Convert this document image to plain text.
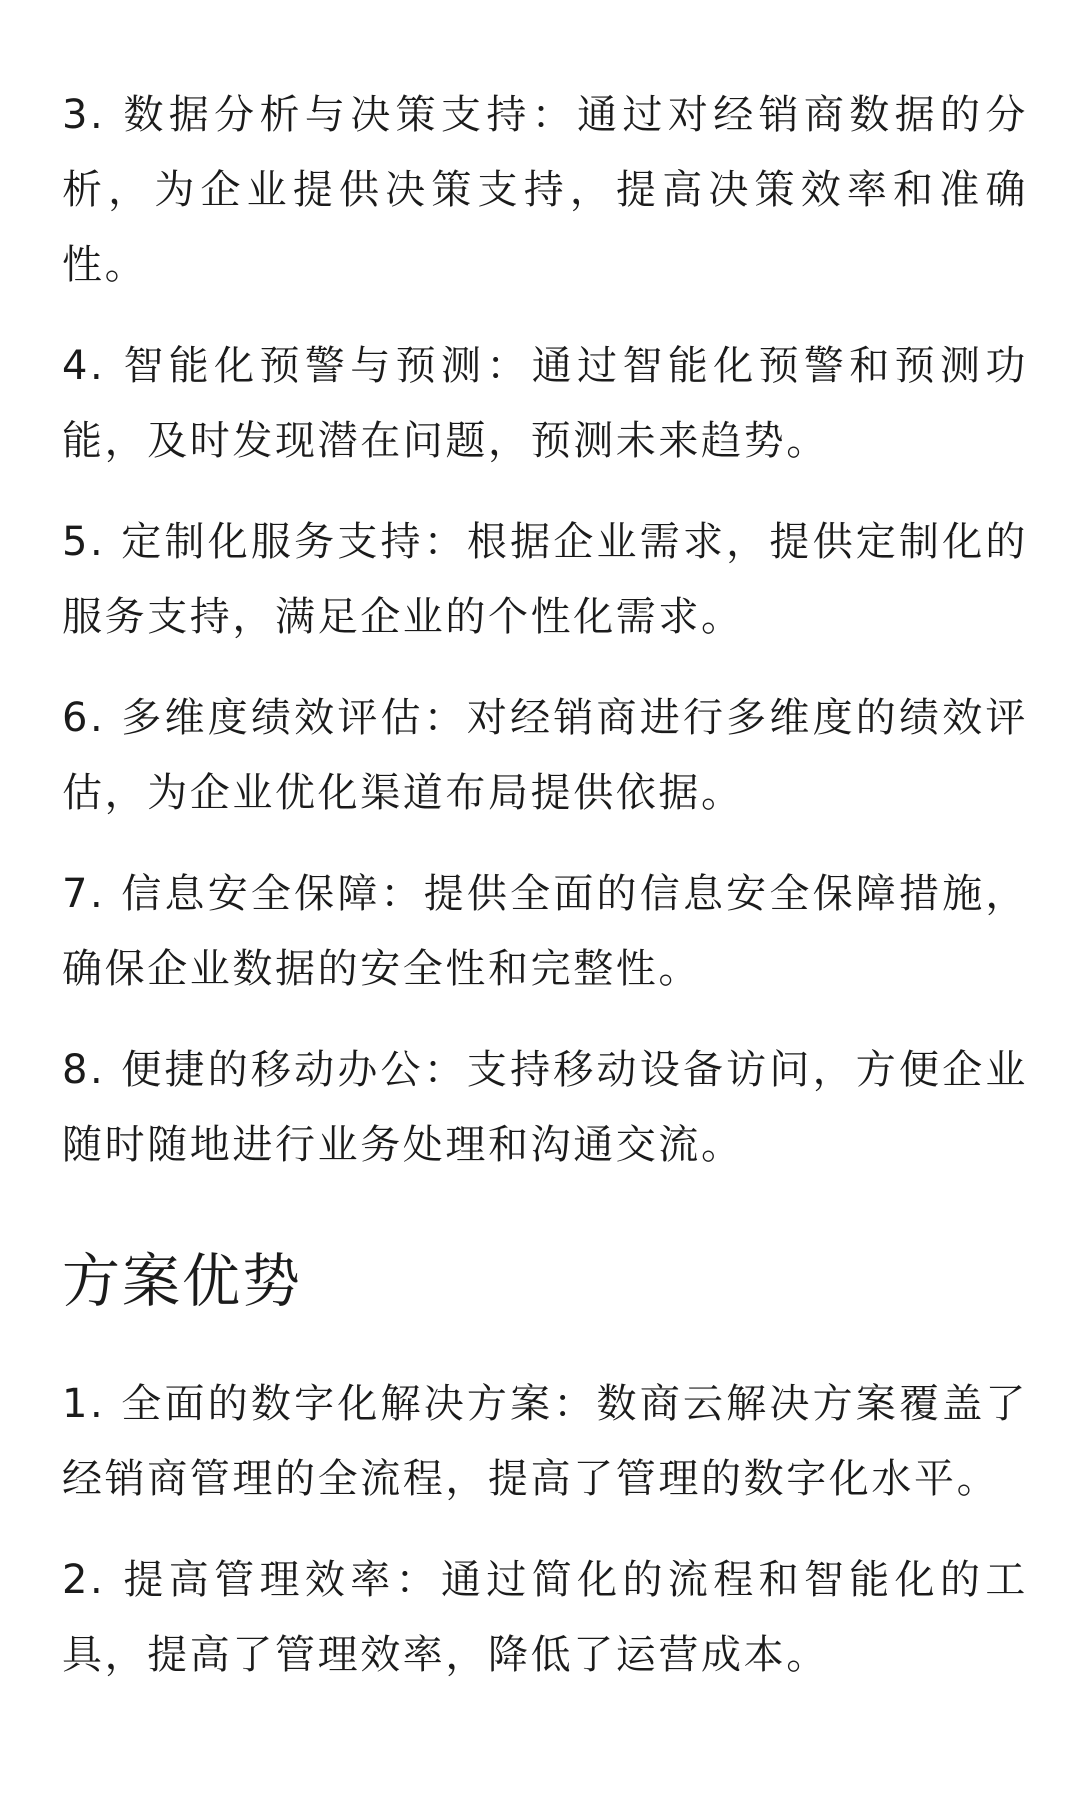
3. 数据分析与决策支持：通过对经销商数据的分析，为企业提供决策支持，提高决策效率和准确性。

4. 智能化预警与预测：通过智能化预警和预测功能，及时发现潜在问题，预测未来趋势。

5. 定制化服务支持：根据企业需求，提供定制化的服务支持，满足企业的个性化需求。

6. 多维度绩效评估：对经销商进行多维度的绩效评估，为企业优化渠道布局提供依据。

7. 信息安全保障：提供全面的信息安全保障措施，确保企业数据的安全性和完整性。

8. 便捷的移动办公：支持移动设备访问，方便企业随时随地进行业务处理和沟通交流。

方案优势

1. 全面的数字化解决方案：数商云解决方案覆盖了经销商管理的全流程，提高了管理的数字化水平。

2. 提高管理效率：通过简化的流程和智能化的工具，提高了管理效率，降低了运营成本。
